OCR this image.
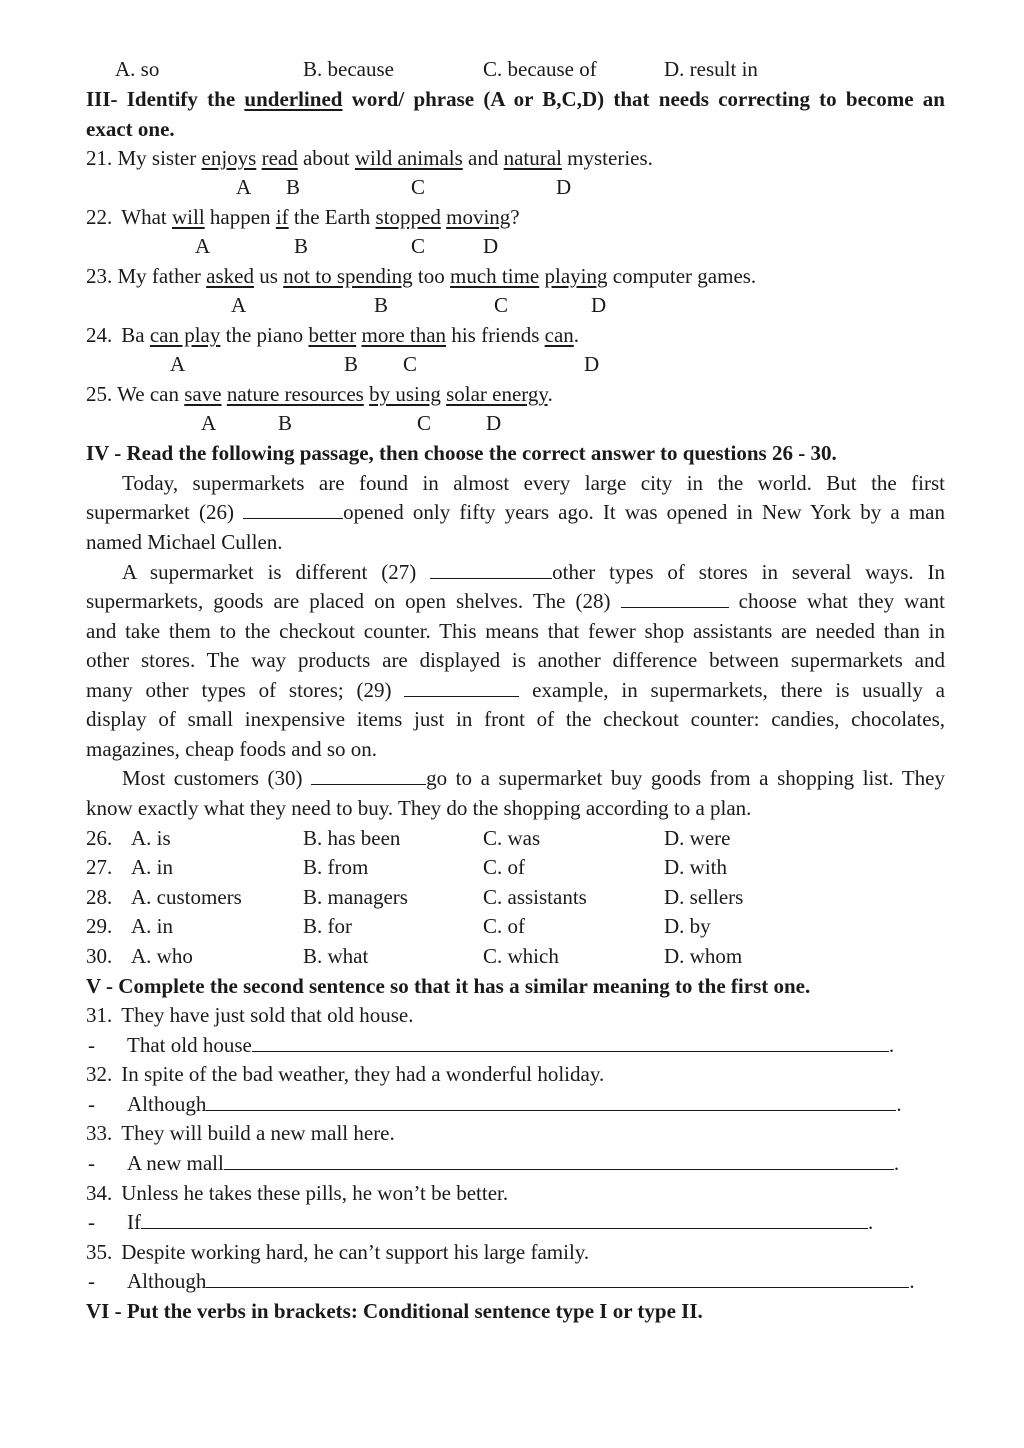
A. so	B. because	C. because of	D. result in
III- Identify the underlined word/ phrase (A or B,C,D) that needs correcting to become an
exact one.
21. My sister enjoys read about wild animals and natural mysteries.
A B	C	D
22. What will happen if the Earth stopped moving?
A	B	C	D
23. My father asked us not to spending too much time playing computer games.
A	B	C	D
24. Ba can play the piano better more than his friends can.
A	B C	D
25. We can save nature resources by using solar energy.
A	B	C	D
IV - Read the following passage, then choose the correct answer to questions 26 - 30.
Today, supermarkets are found in almost every large city in the world. But the first
supermarket (26)	opened only fifty years ago. It was opened in New York by a man
named Michael Cullen.
A supermarket is different (27)	other types of stores in several ways. In
supermarkets, goods are placed on open shelves. The (28)	choose what they want
and take them to the checkout counter. This means that fewer shop assistants are needed than in
other stores. The way products are displayed is another difference between supermarkets and
many other types of stores; (29)	example, in supermarkets, there is usually a
display of small inexpensive items just in front of the checkout counter: candies, chocolates,
magazines, cheap foods and so on.
Most customers (30)	go to a supermarket buy goods from a shopping list. They
know exactly what they need to buy. They do the shopping according to a plan.
26. A. is	B. has been	C. was	D. were
27. A. in	B. from	C. of	D. with
28. A. customers	B. managers	C. assistants	D. sellers
29. A. in	B. for	C. of	D. by
30. A. who	B. what	C. which	D. whom
V - Complete the second sentence so that it has a similar meaning to the first one.
31. They have just sold that old house.
- That old house	.
32. In spite of the bad weather, they had a wonderful holiday.
- Although	.
33. They will build a new mall here.
- A new mall	.
34. Unless he takes these pills, he won’t be better.
- If	.
35. Despite working hard, he can’t support his large family.
- Although	.
VI - Put the verbs in brackets: Conditional sentence type I or type II.
